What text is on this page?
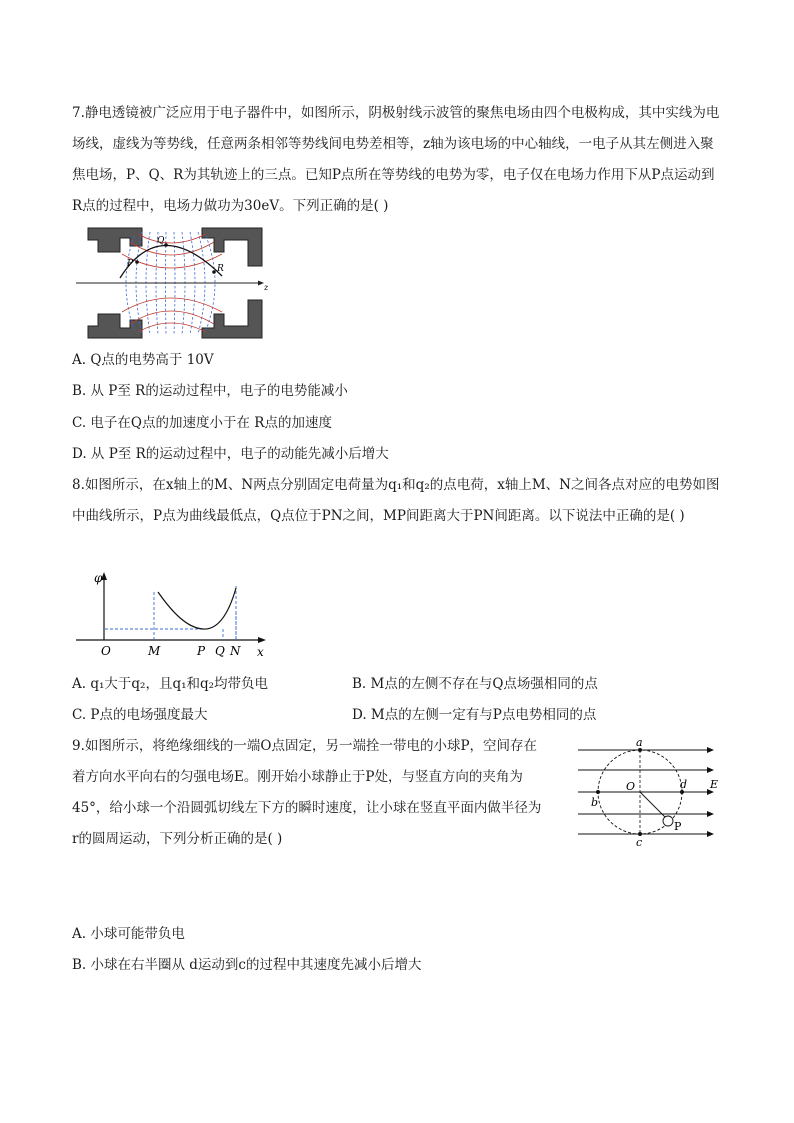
7.静电透镜被广泛应用于电子器件中，如图所示，阴极射线示波管的聚焦电场由四个电极构成，其中实线为电场线，虚线为等势线，任意两条相邻等势线间电势差相等，z轴为该电场的中心轴线，一电子从其左侧进入聚焦电场，P、Q、R为其轨迹上的三点。已知P点所在等势线的电势为零，电子仅在电场力作用下从P点运动到R点的过程中，电场力做功为30eV。下列正确的是( )

z
P
Q
R
A. Q点的电势高于 10V
B. 从 P至 R的运动过程中，电子的电势能减小
C. 电子在Q点的加速度小于在 R点的加速度
D. 从 P至 R的运动过程中，电子的动能先减小后增大

8.如图所示，在x轴上的M、N两点分别固定电荷量为q₁和q₂的点电荷，x轴上M、N之间各点对应的电势如图中曲线所示，P点为曲线最低点，Q点位于PN之间，MP间距离大于PN间距离。以下说法中正确的是( )

φ
x
O	M	P Q N
A. q₁大于q₂，且q₁和q₂均带负电	B. M点的左侧不存在与Q点场强相同的点
C. P点的电场强度最大	D. M点的左侧一定有与P点电势相同的点
9.如图所示，将绝缘细线的一端O点固定，另一端拴一带电的小球P，空间存在
着方向水平向右的匀强电场E。刚开始小球静止于P处，与竖直方向的夹角为
45°，给小球一个沿圆弧切线左下方的瞬时速度，让小球在竖直平面内做半径为
r的圆周运动，下列分析正确的是( )
a
c
b
d
O	E
P
A. 小球可能带负电
B. 小球在右半圈从 d运动到c的过程中其速度先减小后增大
